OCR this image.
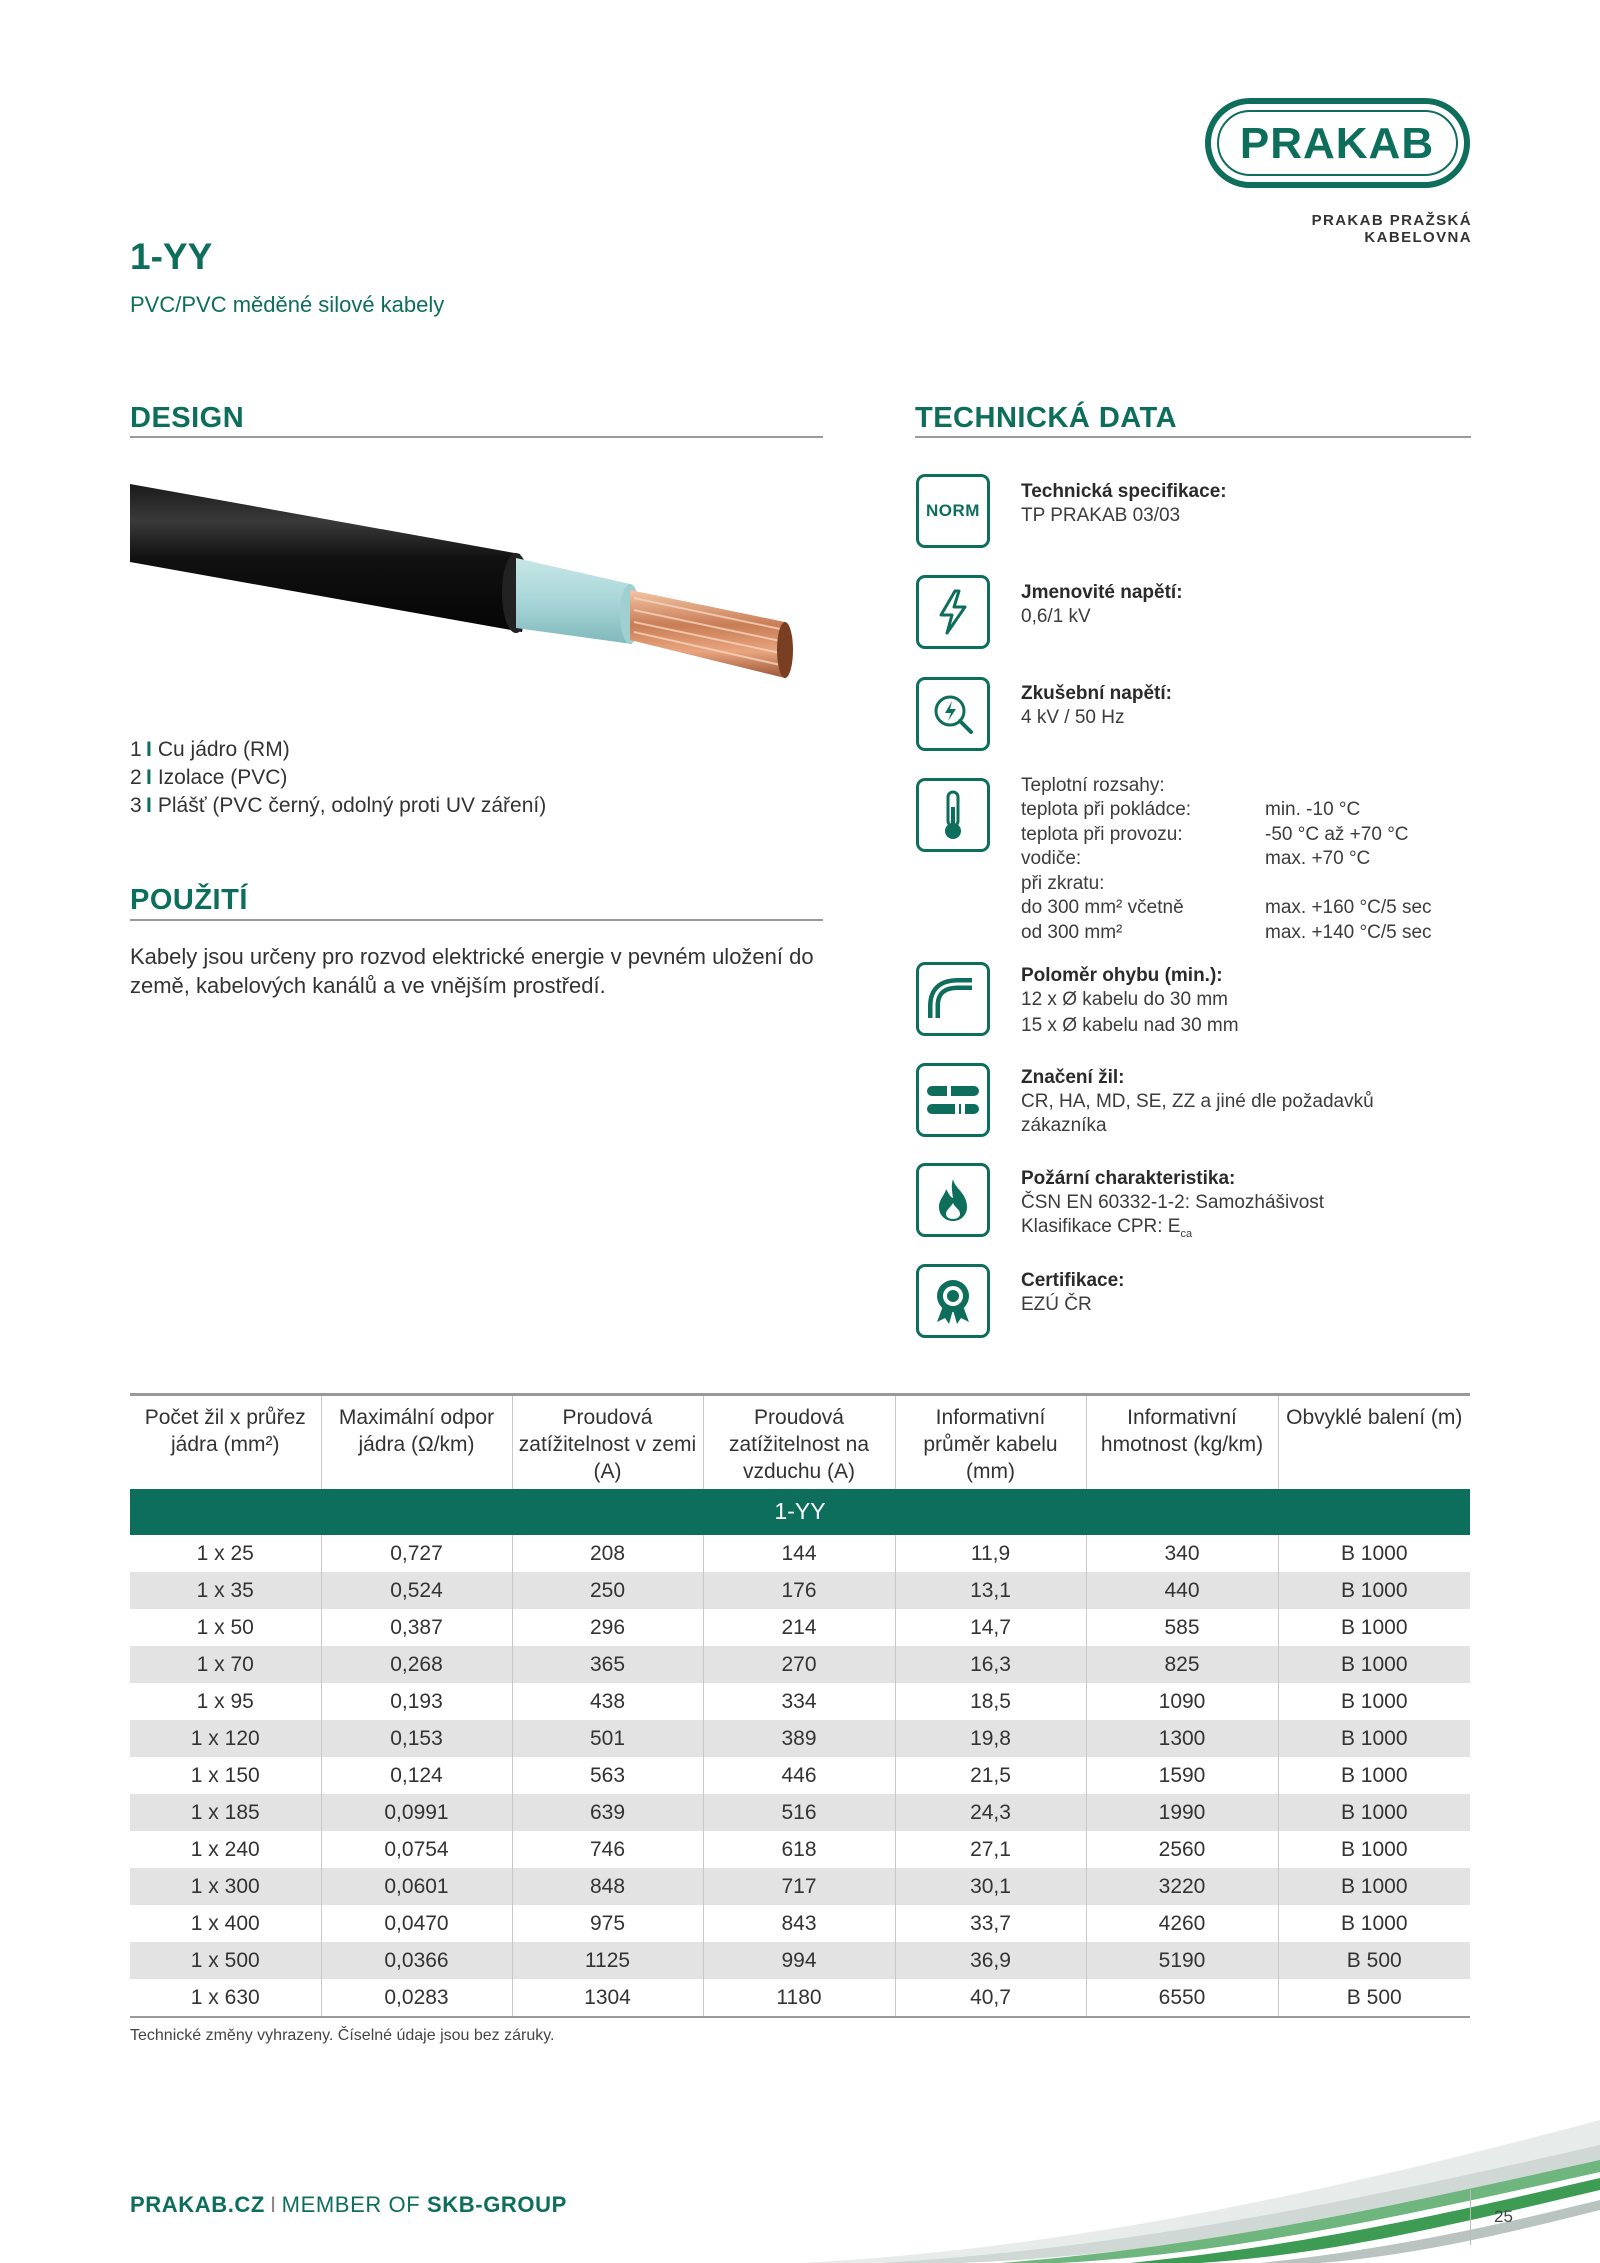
PRAKAB
PRAKAB PRAŽSKÁ KABELOVNA
1-YY
PVC/PVC měděné silové kabely
DESIGN
1 I Cu jádro (RM)
2 I Izolace (PVC)
3 I Plášť (PVC černý, odolný proti UV záření)
POUŽITÍ
Kabely jsou určeny pro rozvod elektrické energie v pevném uložení do země, kabelových kanálů a ve vnějším prostředí.
TECHNICKÁ DATA
NORM
Technická specifikace:
TP PRAKAB 03/03
Jmenovité napětí:
0,6/1 kV
Zkušební napětí:
4 kV / 50 Hz
Teplotní rozsahy:
teplota při pokládce:	min. -10 °C
teplota při provozu:	-50 °C až +70 °C
vodiče:	max. +70 °C
při zkratu:
do 300 mm² včetně	max. +160 °C/5 sec
od 300 mm²	max. +140 °C/5 sec
Poloměr ohybu (min.):
12 x Ø kabelu do 30 mm
15 x Ø kabelu nad 30 mm
Značení žil:
CR, HA, MD, SE, ZZ a jiné dle požadavků
zákazníka
Požární charakteristika:
ČSN EN 60332-1-2: Samozhášivost
Klasifikace CPR: $E_{ca}$
Certifikace:
EZÚ ČR
Počet žil x průřez jádra (mm²)	Maximální odpor jádra (Ω/km)	Proudová zatížitelnost v zemi (A)	Proudová zatížitelnost na vzduchu (A)	Informativní průměr kabelu (mm)	Informativní hmotnost (kg/km)	Obvyklé balení (m)
1-YY						
1 x 25	0,727	208	144	11,9	340	B 1000
1 x 35	0,524	250	176	13,1	440	B 1000
1 x 50	0,387	296	214	14,7	585	B 1000
1 x 70	0,268	365	270	16,3	825	B 1000
1 x 95	0,193	438	334	18,5	1090	B 1000
1 x 120	0,153	501	389	19,8	1300	B 1000
1 x 150	0,124	563	446	21,5	1590	B 1000
1 x 185	0,0991	639	516	24,3	1990	B 1000
1 x 240	0,0754	746	618	27,1	2560	B 1000
1 x 300	0,0601	848	717	30,1	3220	B 1000
1 x 400	0,0470	975	843	33,7	4260	B 1000
1 x 500	0,0366	1125	994	36,9	5190	B 500
1 x 630	0,0283	1304	1180	40,7	6550	B 500
Technické změny vyhrazeny. Číselné údaje jsou bez záruky.
PRAKAB.CZ I MEMBER OF SKB-GROUP	25
